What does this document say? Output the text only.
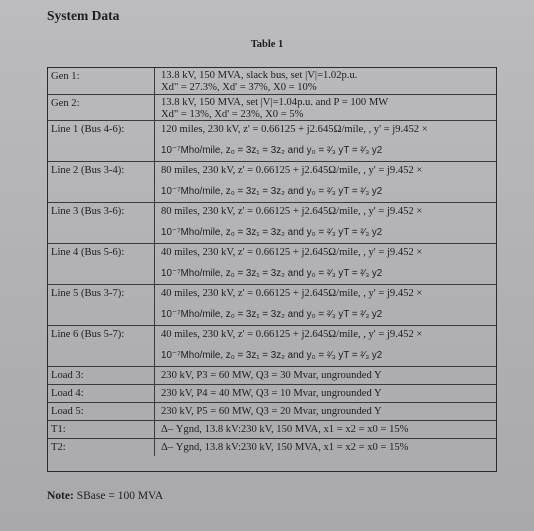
System Data
Table 1
Gen 1:	13.8 kV, 150 MVA, slack bus, set |V|=1.02p.u.
Xd" = 27.3%, Xd' = 37%, X0 = 10%
Gen 2:	13.8 kV, 150 MVA, set |V|=1.04p.u. and P = 100 MW
Xd" = 13%, Xd' = 23%, X0 = 5%
Line 1 (Bus 4-6):	120 miles, 230 kV, z' = 0.66125 + j2.645Ω/mile, , y' = j9.452 ×
10⁻⁷Mho/mile, z₀ = 3z₁ = 3z₂ and y₀ = ²⁄₃ yT = ²⁄₃ y2
Line 2 (Bus 3-4):	80 miles, 230 kV, z' = 0.66125 + j2.645Ω/mile, , y' = j9.452 ×
10⁻⁷Mho/mile, z₀ = 3z₁ = 3z₂ and y₀ = ²⁄₃ yT = ²⁄₃ y2
Line 3 (Bus 3-6):	80 miles, 230 kV, z' = 0.66125 + j2.645Ω/mile, , y' = j9.452 ×
10⁻⁷Mho/mile, z₀ = 3z₁ = 3z₂ and y₀ = ²⁄₃ yT = ²⁄₃ y2
Line 4 (Bus 5-6):	40 miles, 230 kV, z' = 0.66125 + j2.645Ω/mile, , y' = j9.452 ×
10⁻⁷Mho/mile, z₀ = 3z₁ = 3z₂ and y₀ = ²⁄₃ yT = ²⁄₃ y2
Line 5 (Bus 3-7):	40 miles, 230 kV, z' = 0.66125 + j2.645Ω/mile, , y' = j9.452 ×
10⁻⁷Mho/mile, z₀ = 3z₁ = 3z₂ and y₀ = ²⁄₃ yT = ²⁄₃ y2
Line 6 (Bus 5-7):	40 miles, 230 kV, z' = 0.66125 + j2.645Ω/mile, , y' = j9.452 ×
10⁻⁷Mho/mile, z₀ = 3z₁ = 3z₂ and y₀ = ²⁄₃ yT = ²⁄₃ y2
Load 3:	230 kV, P3 = 60 MW, Q3 = 30 Mvar, ungrounded Y
Load 4:	230 kV, P4 = 40 MW, Q3 = 10 Mvar, ungrounded Y
Load 5:	230 kV, P5 = 60 MW, Q3 = 20 Mvar, ungrounded Y
T1:	Δ– Ygnd, 13.8 kV:230 kV, 150 MVA, x1 = x2 = x0 = 15%
T2:	Δ– Ygnd, 13.8 kV:230 kV, 150 MVA, x1 = x2 = x0 = 15%
Note: SBase = 100 MVA
